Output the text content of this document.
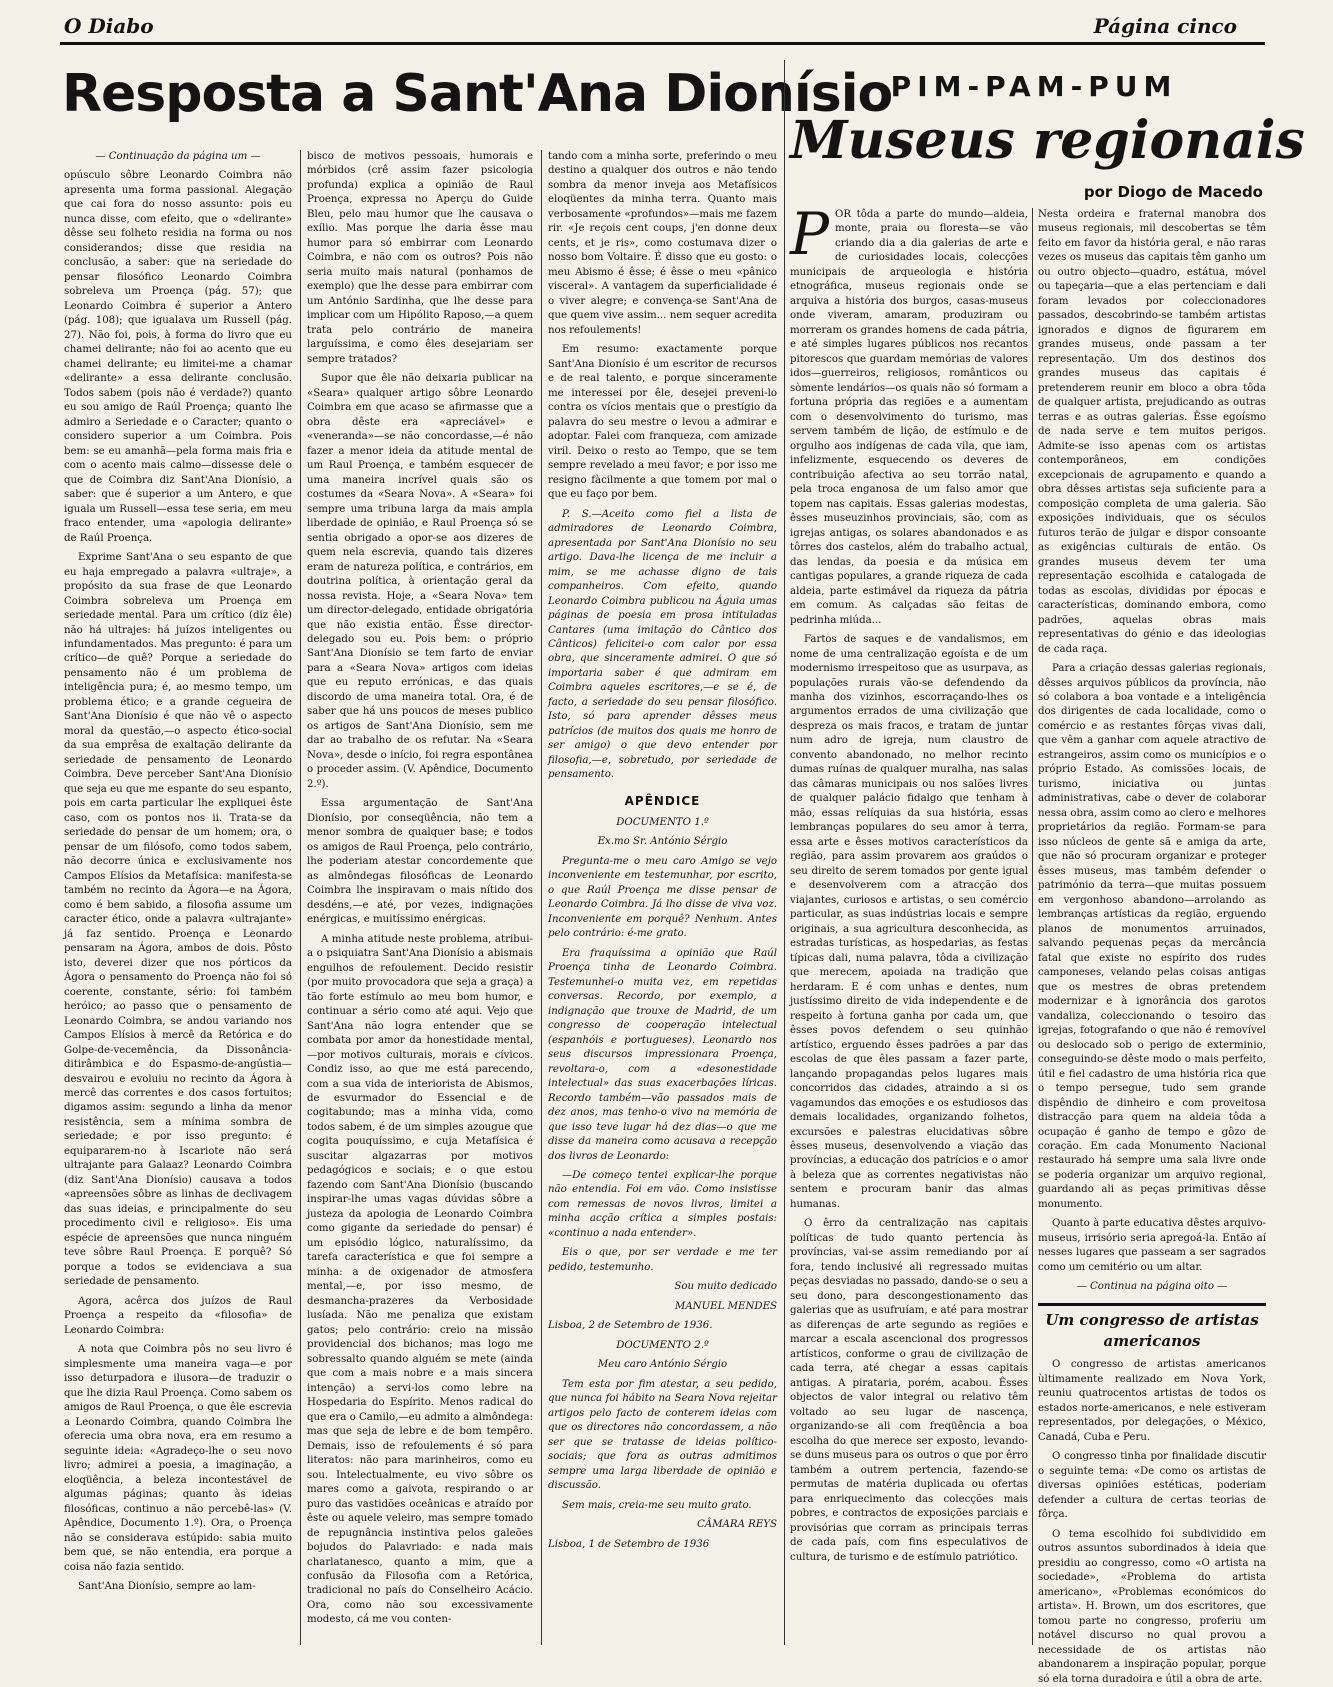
O Diabo	Página cinco
Resposta a Sant'Ana Dionísio

— Continuação da página um —

opúsculo sôbre Leonardo Coimbra não apresenta uma forma passional. Alegação que cai fora do nosso assunto: pois eu nunca disse, com efeito, que o «delirante» dêsse seu folheto residia na forma ou nos considerandos; disse que residia na conclusão, a saber: que na seriedade do pensar filosófico Leonardo Coimbra sobreleva um Proença (pág. 57); que Leonardo Coimbra é superior a Antero (pág. 108); que igualava um Russell (pág. 27). Não foi, pois, à forma do livro que eu chamei delirante; não foi ao acento que eu chamei delirante; eu limitei-me a chamar «delirante» a essa delirante conclusão. Todos sabem (pois não é verdade?) quanto eu sou amigo de Raúl Proença; quanto lhe admiro a Seriedade e o Caracter; quanto o considero superior a um Coimbra. Pois bem: se eu amanhã—pela forma mais fria e com o acento mais calmo—dissesse dele o que de Coimbra diz Sant'Ana Dionísio, a saber: que é superior a um Antero, e que iguala um Russell—essa tese seria, em meu fraco entender, uma «apologia delirante» de Raúl Proença.

Exprime Sant'Ana o seu espanto de que eu haja empregado a palavra «ultraje», a propósito da sua frase de que Leonardo Coimbra sobreleva um Proença em seriedade mental. Para um crítico (diz êle) não há ultrajes: há juízos inteligentes ou infundamentados. Mas pregunto: é para um crítico—de quê? Porque a seriedade do pensamento não é um problema de inteligência pura; é, ao mesmo tempo, um problema ético; e a grande cegueira de Sant'Ana Dionísio é que não vê o aspecto moral da questão,—o aspecto ético-social da sua emprêsa de exaltação delirante da seriedade de pensamento de Leonardo Coimbra. Deve perceber Sant'Ana Dionísio que seja eu que me espante do seu espanto, pois em carta particular lhe expliquei êste caso, com os pontos nos ii. Trata-se da seriedade do pensar de um homem; ora, o pensar de um filósofo, como todos sabem, não decorre única e exclusivamente nos Campos Elísios da Metafísica: manifesta-se também no recinto da Ágora—e na Ágora, como é bem sabido, a filosofia assume um caracter ético, onde a palavra «ultrajante» já faz sentido. Proença e Leonardo pensaram na Ágora, ambos de dois. Pôsto isto, deverei dizer que nos pórticos da Ágora o pensamento do Proença não foi só coerente, constante, sério: foi também heróico; ao passo que o pensamento de Leonardo Coimbra, se andou variando nos Campos Elísios à mercê da Retórica e do Golpe-de-vecemência, da Dissonância-ditirâmbica e do Espasmo-de-angústia—desvairou e evoluiu no recinto da Ágora à mercê das correntes e dos casos fortuitos; digamos assim: segundo a linha da menor resistência, sem a mínima sombra de seriedade; e por isso pregunto: é equipararem-no à Iscariote não será ultrajante para Galaaz? Leonardo Coimbra (diz Sant'Ana Dionísio) causava a todos «apreensões sôbre as linhas de declivagem das suas ideias, e principalmente do seu procedimento civil e religioso». Eis uma espécie de apreensões que nunca ninguém teve sôbre Raul Proença. E porquê? Só porque a todos se evidenciava a sua seriedade de pensamento.

Agora, acêrca dos juízos de Raul Proença a respeito da «filosofia» de Leonardo Coimbra:

A nota que Coimbra pôs no seu livro é simplesmente uma maneira vaga—e por isso deturpadora e ilusora—de traduzir o que lhe dizia Raul Proença. Como sabem os amigos de Raul Proença, o que êle escrevia a Leonardo Coimbra, quando Coimbra lhe oferecia uma obra nova, era em resumo a seguinte ideia: «Agradeço-lhe o seu novo livro; admirei a poesia, a imaginação, a eloqüência, a beleza incontestável de algumas páginas; quanto às ideias filosóficas, continuo a não percebê-las» (V. Apêndice, Documento 1.º). Ora, o Proença não se considerava estúpido: sabia muito bem que, se não entendia, era porque a coisa não fazia sentido.

Sant'Ana Dionísio, sempre ao lam-

bisco de motivos pessoais, humorais e mórbidos (crê assim fazer psicologia profunda) explica a opinião de Raul Proença, expressa no Aperçu do Guide Bleu, pelo mau humor que lhe causava o exílio. Mas porque lhe daria êsse mau humor para só embirrar com Leonardo Coimbra, e não com os outros? Pois não seria muito mais natural (ponhamos de exemplo) que lhe desse para embirrar com um António Sardinha, que lhe desse para implicar com um Hipólito Raposo,—a quem trata pelo contrário de maneira larguíssima, e como êles desejariam ser sempre tratados?

Supor que êle não deixaria publicar na «Seara» qualquer artigo sôbre Leonardo Coimbra em que acaso se afirmasse que a obra dêste era «apreciável» e «veneranda»—se não concordasse,—é não fazer a menor ideia da atitude mental de um Raul Proença, e também esquecer de uma maneira incrível quais são os costumes da «Seara Nova». A «Seara» foi sempre uma tribuna larga da mais ampla liberdade de opinião, e Raul Proença só se sentia obrigado a opor-se aos dizeres de quem nela escrevia, quando tais dizeres eram de natureza política, e contrários, em doutrina política, à orientação geral da nossa revista. Hoje, a «Seara Nova» tem um director-delegado, entidade obrigatória que não existia então. Êsse director-delegado sou eu. Pois bem: o próprio Sant'Ana Dionísio se tem farto de enviar para a «Seara Nova» artigos com ideias que eu reputo errónicas, e das quais discordo de uma maneira total. Ora, é de saber que há uns poucos de meses publico os artigos de Sant'Ana Dionísio, sem me dar ao trabalho de os refutar. Na «Seara Nova», desde o início, foi regra espontânea o proceder assim. (V. Apêndice, Documento 2.º).

Essa argumentação de Sant'Ana Dionísio, por conseqüência, não tem a menor sombra de qualquer base; e todos os amigos de Raul Proença, pelo contrário, lhe poderiam atestar concordemente que as almôndegas filosóficas de Leonardo Coimbra lhe inspiravam o mais nítido dos desdéns,—e até, por vezes, indignações enérgicas, e muitíssimo enérgicas.

A minha atitude neste problema, atribui-a o psiquiatra Sant'Ana Dionísio a abismais engulhos de refoulement. Decido resistir (por muito provocadora que seja a graça) a tão forte estímulo ao meu bom humor, e continuar a sério como até aqui. Vejo que Sant'Ana não logra entender que se combata por amor da honestidade mental,—por motivos culturais, morais e cívicos. Condiz isso, ao que me está parecendo, com a sua vida de interiorista de Abismos, de esvurmador do Essencial e de cogitabundo; mas a minha vida, como todos sabem, é de um simples azougue que cogita pouquíssimo, e cuja Metafísica é suscitar algazarras por motivos pedagógicos e sociais; e o que estou fazendo com Sant'Ana Dionísio (buscando inspirar-lhe umas vagas dúvidas sôbre a justeza da apologia de Leonardo Coimbra como gigante da seriedade do pensar) é um episódio lógico, naturalíssimo, da tarefa característica e que foi sempre a minha: a de oxigenador de atmosfera mental,—e, por isso mesmo, de desmancha-prazeres da Verbosidade lusíada. Não me penaliza que existam gatos; pelo contrário: creio na missão providencial dos bichanos; mas logo me sobressalto quando alguém se mete (ainda que com a mais nobre e a mais sincera intenção) a servi-los como lebre na Hospedaria do Espírito. Menos radical do que era o Camilo,—eu admito a almôndega: mas que seja de lebre e de bom tempêro. Demais, isso de refoulements é só para literatos: não para marinheiros, como eu sou. Intelectualmente, eu vivo sôbre os mares como a gaivota, respirando o ar puro das vastidões oceânicas e atraído por êste ou aquele veleiro, mas sempre tomado de repugnância instintiva pelos galeões bojudos do Palavriado: e nada mais charlatanesco, quanto a mim, que a confusão da Filosofia com a Retórica, tradicional no país do Conselheiro Acácio. Ora, como não sou excessivamente modesto, cá me vou conten-

tando com a minha sorte, preferindo o meu destino a qualquer dos outros e não tendo sombra da menor inveja aos Metafísicos eloqüentes da minha terra. Quanto mais verbosamente «profundos»—mais me fazem rir. «Je reçois cent coups, j'en donne deux cents, et je ris», como costumava dizer o nosso bom Voltaire. É disso que eu gosto: o meu Abismo é êsse; é êsse o meu «pânico visceral». A vantagem da superficialidade é o viver alegre; e convença-se Sant'Ana de que quem vive assim... nem sequer acredita nos refoulements!

Em resumo: exactamente porque Sant'Ana Dionísio é um escritor de recursos e de real talento, e porque sinceramente me interessei por êle, desejei preveni-lo contra os vícios mentais que o prestígio da palavra do seu mestre o levou a admirar e adoptar. Falei com franqueza, com amizade viril. Deixo o resto ao Tempo, que se tem sempre revelado a meu favor; e por isso me resigno fàcilmente a que tomem por mal o que eu faço por bem.

P. S.—Aceito como fiel a lista de admiradores de Leonardo Coimbra, apresentada por Sant'Ana Dionísio no seu artigo. Dava-lhe licença de me incluir a mim, se me achasse digno de tais companheiros. Com efeito, quando Leonardo Coimbra publicou na Águia umas páginas de poesia em prosa intituladas Cantares (uma imitação do Cântico dos Cânticos) felicitei-o com calor por essa obra, que sinceramente admirei. O que só importaria saber é que admiram em Coimbra aqueles escritores,—e se é, de facto, a seriedade do seu pensar filosófico. Isto, só para aprender dêsses meus patrícios (de muitos dos quais me honro de ser amigo) o que devo entender por filosofia,—e, sobretudo, por seriedade de pensamento.

APÊNDICE

DOCUMENTO 1.º

Ex.mo Sr. António Sérgio

Pregunta-me o meu caro Amigo se vejo inconveniente em testemunhar, por escrito, o que Raúl Proença me disse pensar de Leonardo Coimbra. Já lho disse de viva voz. Inconveniente em porquê? Nenhum. Antes pelo contrário: é-me grato.

Era fraquíssima a opinião que Raúl Proença tinha de Leonardo Coimbra. Testemunhei-o muita vez, em repetidas conversas. Recordo, por exemplo, a indignação que trouxe de Madrid, de um congresso de cooperação intelectual (espanhóis e portugueses). Leonardo nos seus discursos impressionara Proença, revoltara-o, com a «desonestidade intelectual» das suas exacerbações líricas. Recordo também—vão passados mais de dez anos, mas tenho-o vivo na memória de que isso teve lugar há dez dias—o que me disse da maneira como acusava a recepção dos livros de Leonardo:

—De começo tentei explicar-lhe porque não entendia. Foi em vão. Como insistisse com remessas de novos livros, limitei a minha acção crítica a simples postais: «continuo a nada entender».

Eis o que, por ser verdade e me ter pedido, testemunho.

Sou muito dedicado

MANUEL MENDES

Lisboa, 2 de Setembro de 1936.

DOCUMENTO 2.º

Meu caro António Sérgio

Tem esta por fim atestar, a seu pedido, que nunca foi hábito na Seara Nova rejeitar artigos pelo facto de conterem ideias com que os directores não concordassem, a não ser que se tratasse de ideias político-sociais; que fora as outras admitimos sempre uma larga liberdade de opinião e discussão.

Sem mais, creia-me seu muito grato.

CÂMARA REYS

Lisboa, 1 de Setembro de 1936

PIM-PAM-PUM
Museus regionais
por Diogo de Macedo

POR tôda a parte do mundo—aldeia, monte, praia ou floresta—se vão criando dia a dia galerias de arte e de curiosidades locais, colecções municipais de arqueologia e história etnográfica, museus regionais onde se arquiva a história dos burgos, casas-museus onde viveram, amaram, produziram ou morreram os grandes homens de cada pátria, e até simples lugares públicos nos recantos pitorescos que guardam memórias de valores idos—guerreiros, religiosos, românticos ou sòmente lendários—os quais não só formam a fortuna própria das regiões e a aumentam com o desenvolvimento do turismo, mas servem também de lição, de estímulo e de orgulho aos indígenas de cada vila, que iam, infelizmente, esquecendo os deveres de contribuição afectiva ao seu torrão natal, pela troca enganosa de um falso amor que topem nas capitais. Essas galerias modestas, êsses museuzinhos provinciais, são, com as igrejas antigas, os solares abandonados e as tôrres dos castelos, além do trabalho actual, das lendas, da poesia e da música em cantigas populares, a grande riqueza de cada aldeia, parte estimável da riqueza da pátria em comum. As calçadas são feitas de pedrinha miúda...

Fartos de saques e de vandalismos, em nome de uma centralização egoísta e de um modernismo irrespeitoso que as usurpava, as populações rurais vão-se defendendo da manha dos vizinhos, escorraçando-lhes os argumentos errados de uma civilização que despreza os mais fracos, e tratam de juntar num adro de igreja, num claustro de convento abandonado, no melhor recinto dumas ruínas de qualquer muralha, nas salas das câmaras municipais ou nos salões livres de qualquer palácio fidalgo que tenham à mão, essas relíquias da sua história, essas lembranças populares do seu amor à terra, essa arte e êsses motivos característicos da região, para assim provarem aos graúdos o seu direito de serem tomados por gente igual e desenvolverem com a atracção dos viajantes, curiosos e artistas, o seu comércio particular, as suas indústrias locais e sempre originais, a sua agricultura desconhecida, as estradas turísticas, as hospedarias, as festas típicas dali, numa palavra, tôda a civilização que merecem, apoiada na tradição que herdaram. E é com unhas e dentes, num justíssimo direito de vida independente e de respeito à fortuna ganha por cada um, que êsses povos defendem o seu quinhão artístico, erguendo êsses padrões a par das escolas de que êles passam a fazer parte, lançando propagandas pelos lugares mais concorridos das cidades, atraindo a si os vagamundos das emoções e os estudiosos das demais localidades, organizando folhetos, excursões e palestras elucidativas sôbre êsses museus, desenvolvendo a viação das províncias, a educação dos patrícios e o amor à beleza que as correntes negativistas não sentem e procuram banir das almas humanas.

O êrro da centralização nas capitais políticas de tudo quanto pertencia às províncias, vai-se assim remediando por aí fora, tendo inclusivé ali regressado muitas peças desviadas no passado, dando-se o seu a seu dono, para descongestionamento das galerias que as usufruíam, e até para mostrar as diferenças de arte segundo as regiões e marcar a escala ascencional dos progressos artísticos, conforme o grau de civilização de cada terra, até chegar a essas capitais antigas. A pirataria, porém, acabou. Êsses objectos de valor integral ou relativo têm voltado ao seu lugar de nascença, organizando-se ali com freqüência a boa escolha do que merece ser exposto, levando-se duns museus para os outros o que por êrro também a outrem pertencia, fazendo-se permutas de matéria duplicada ou ofertas para enriquecimento das colecções mais pobres, e contractos de exposições parciais e provisórias que corram as principais terras de cada país, com fins especulativos de cultura, de turismo e de estímulo patriótico.

Nesta ordeira e fraternal manobra dos museus regionais, mil descobertas se têm feito em favor da história geral, e não raras vezes os museus das capitais têm ganho um ou outro objecto—quadro, estátua, móvel ou tapeçaria—que a elas pertenciam e dali foram levados por coleccionadores passados, descobrindo-se também artistas ignorados e dignos de figurarem em grandes museus, onde passam a ter representação. Um dos destinos dos grandes museus das capitais é pretenderem reunir em bloco a obra tôda de qualquer artista, prejudicando as outras terras e as outras galerias. Êsse egoísmo de nada serve e tem muitos perigos. Admite-se isso apenas com os artistas contemporâneos, em condições excepcionais de agrupamento e quando a obra dêsses artistas seja suficiente para a composição completa de uma galeria. São exposições individuais, que os séculos futuros terão de julgar e dispor consoante as exigências culturais de então. Os grandes museus devem ter uma representação escolhida e catalogada de todas as escolas, divididas por épocas e características, dominando embora, como padrões, aquelas obras mais representativas do génio e das ideologias de cada raça.

Para a criação dessas galerias regionais, dêsses arquivos públicos da província, não só colabora a boa vontade e a inteligência dos dirigentes de cada localidade, como o comércio e as restantes fôrças vivas dali, que vêm a ganhar com aquele atractivo de estrangeiros, assim como os municípios e o próprio Estado. As comissões locais, de turismo, iniciativa ou juntas administrativas, cabe o dever de colaborar nessa obra, assim como ao clero e melhores proprietários da região. Formam-se para isso núcleos de gente sã e amiga da arte, que não só procuram organizar e proteger êsses museus, mas também defender o património da terra—que muitas possuem em vergonhoso abandono—arrolando as lembranças artísticas da região, erguendo planos de monumentos arruinados, salvando pequenas peças da mercância fatal que existe no espírito dos rudes camponeses, velando pelas coisas antigas que os mestres de obras pretendem modernizar e à ignorância dos garotos vandaliza, coleccionando o tesoiro das igrejas, fotografando o que não é removível ou deslocado sob o perigo de exterminio, conseguindo-se dêste modo o mais perfeito, útil e fiel cadastro de uma história rica que o tempo persegue, tudo sem grande dispêndio de dinheiro e com proveitosa distracção para quem na aldeia tôda a ocupação é ganho de tempo e gôzo de coração. Em cada Monumento Nacional restaurado há sempre uma sala livre onde se poderia organizar um arquivo regional, guardando ali as peças primitivas dêsse monumento.

Quanto à parte educativa dêstes arquivo-museus, irrisório seria apregoá-la. Então aí nesses lugares que passeam a ser sagrados como um cemitério ou um altar.

— Continua na página oito —

Um congresso de artistas americanos

O congresso de artistas americanos ùltimamente realizado em Nova York, reuniu quatrocentos artistas de todos os estados norte-americanos, e nele estiveram representados, por delegações, o México, Canadá, Cuba e Peru.

O congresso tinha por finalidade discutir o seguinte tema: «De como os artistas de diversas opiniões estéticas, poderiam defender a cultura de certas teorias de fôrça.

O tema escolhido foi subdividido em outros assuntos subordinados à ideia que presidiu ao congresso, como «O artista na sociedade», «Problema do artista americano», «Problemas económicos do artista». H. Brown, um dos escritores, que tomou parte no congresso, proferiu um notável discurso no qual provou a necessidade de os artistas não abandonarem a inspiração popular, porque só ela torna duradoira e útil a obra de arte.
